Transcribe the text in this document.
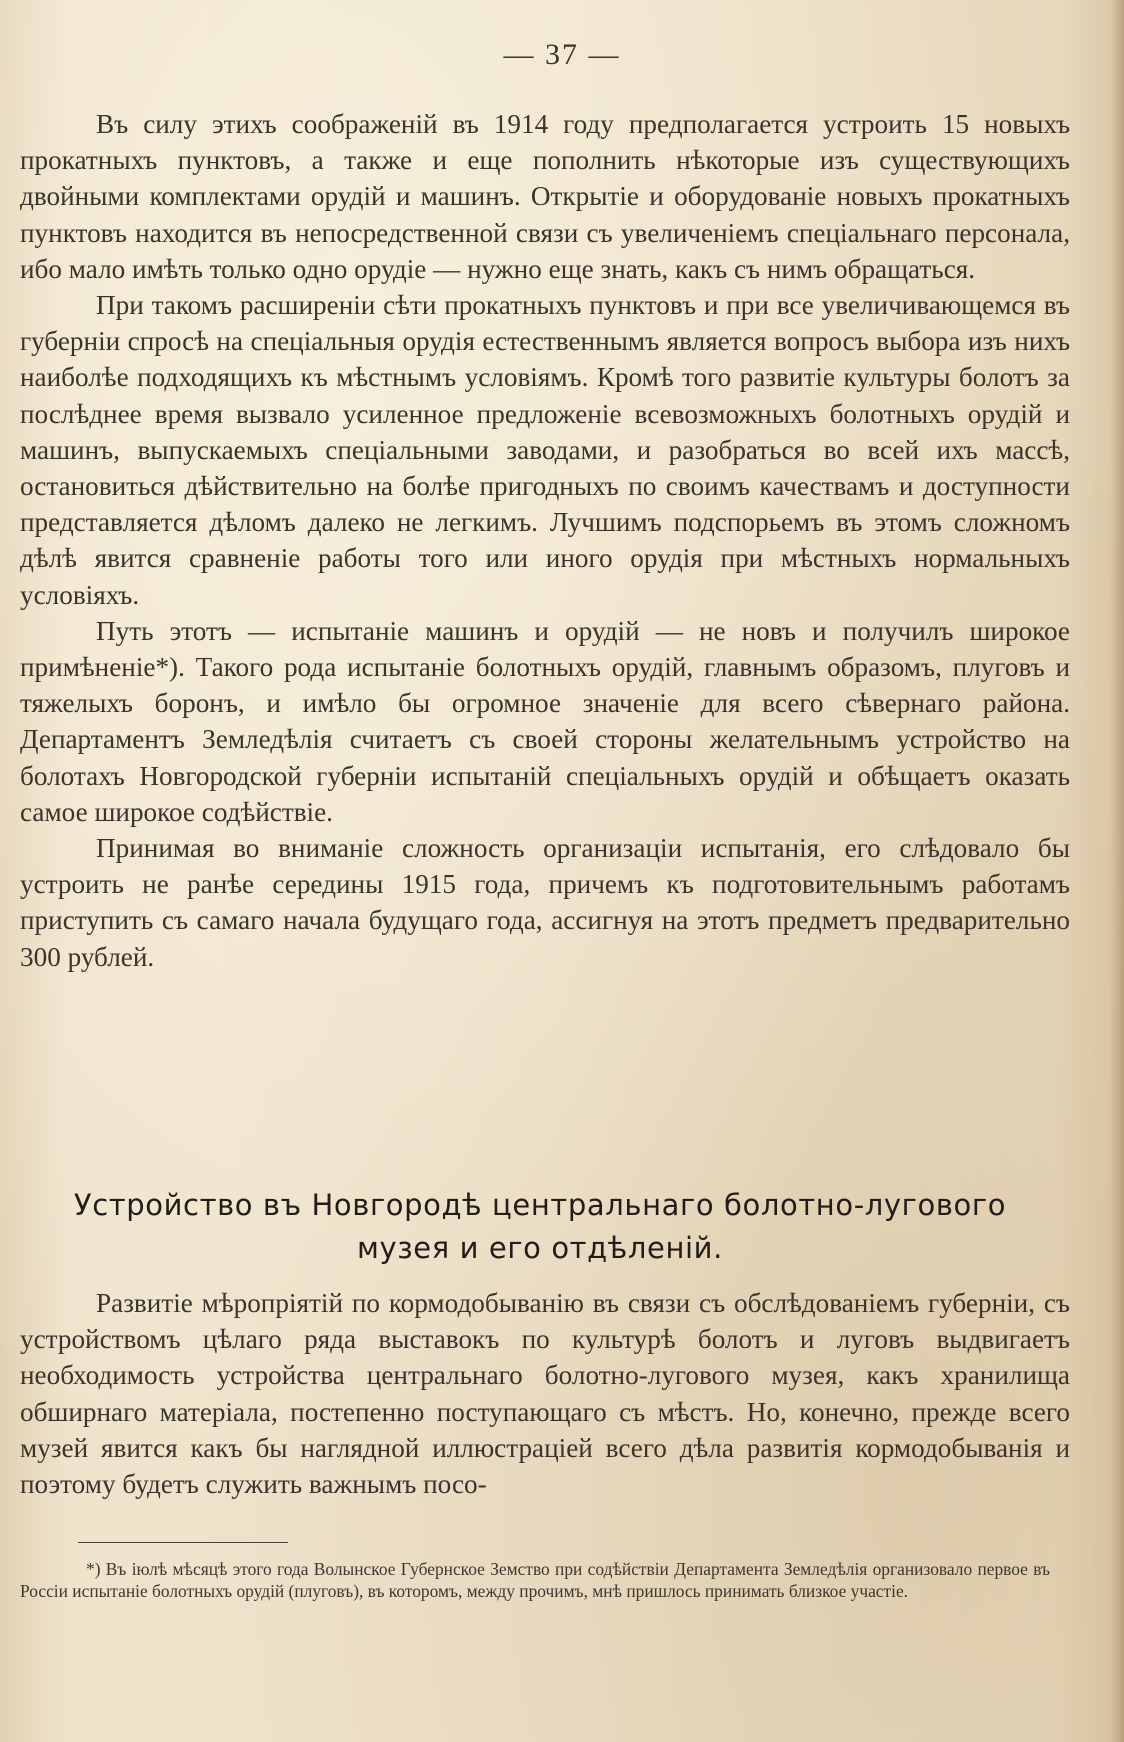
— 37 —

Въ силу этихъ соображеній въ 1914 году предполагается устроить 15 новыхъ прокатныхъ пунктовъ, а также и еще пополнить нѣкоторые изъ существующихъ двойными комплектами орудій и машинъ. Открытіе и оборудованіе новыхъ прокатныхъ пунктовъ находится въ непосредственной связи съ увеличеніемъ спеціальнаго персонала, ибо мало имѣть только одно орудіе — нужно еще знать, какъ съ нимъ обращаться.

При такомъ расширеніи сѣти прокатныхъ пунктовъ и при все увеличивающемся въ губерніи спросѣ на спеціальныя орудія естественнымъ является вопросъ выбора изъ нихъ наиболѣе подходящихъ къ мѣстнымъ условіямъ. Кромѣ того развитіе культуры болотъ за послѣднее время вызвало усиленное предложеніе всевозможныхъ болотныхъ орудій и машинъ, выпускаемыхъ спеціальными заводами, и разобраться во всей ихъ массѣ, остановиться дѣйствительно на болѣе пригодныхъ по своимъ качествамъ и доступности представляется дѣломъ далеко не легкимъ. Лучшимъ подспорьемъ въ этомъ сложномъ дѣлѣ явится сравненіе работы того или иного орудія при мѣстныхъ нормальныхъ условіяхъ.

Путь этотъ — испытаніе машинъ и орудій — не новъ и получилъ широкое примѣненіе*). Такого рода испытаніе болотныхъ орудій, главнымъ образомъ, плуговъ и тяжелыхъ боронъ, и имѣло бы огромное значеніе для всего сѣвернаго района. Департаментъ Земледѣлія считаетъ съ своей стороны желательнымъ устройство на болотахъ Новгородской губерніи испытаній спеціальныхъ орудій и обѣщаетъ оказать самое широкое содѣйствіе.

Принимая во вниманіе сложность организаціи испытанія, его слѣдовало бы устроить не ранѣе середины 1915 года, причемъ къ подготовительнымъ работамъ приступить съ самаго начала будущаго года, ассигнуя на этотъ предметъ предварительно 300 рублей.

Устройство въ Новгородѣ центральнаго болотно-лугового
музея и его отдѣленій.

Развитіе мѣропріятій по кормодобыванію въ связи съ обслѣдованіемъ губерніи, съ устройствомъ цѣлаго ряда выставокъ по культурѣ болотъ и луговъ выдвигаетъ необходимость устройства центральнаго болотно-лугового музея, какъ хранилища обширнаго матеріала, постепенно поступающаго съ мѣстъ. Но, конечно, прежде всего музей явится какъ бы наглядной иллюстраціей всего дѣла развитія кормодобыванія и поэтому будетъ служить важнымъ посо-

*) Въ іюлѣ мѣсяцѣ этого года Волынское Губернское Земство при содѣйствіи Департамента Земледѣлія организовало первое въ Россіи испытаніе болотныхъ орудій (плуговъ), въ которомъ, между прочимъ, мнѣ пришлось принимать близкое участіе.
